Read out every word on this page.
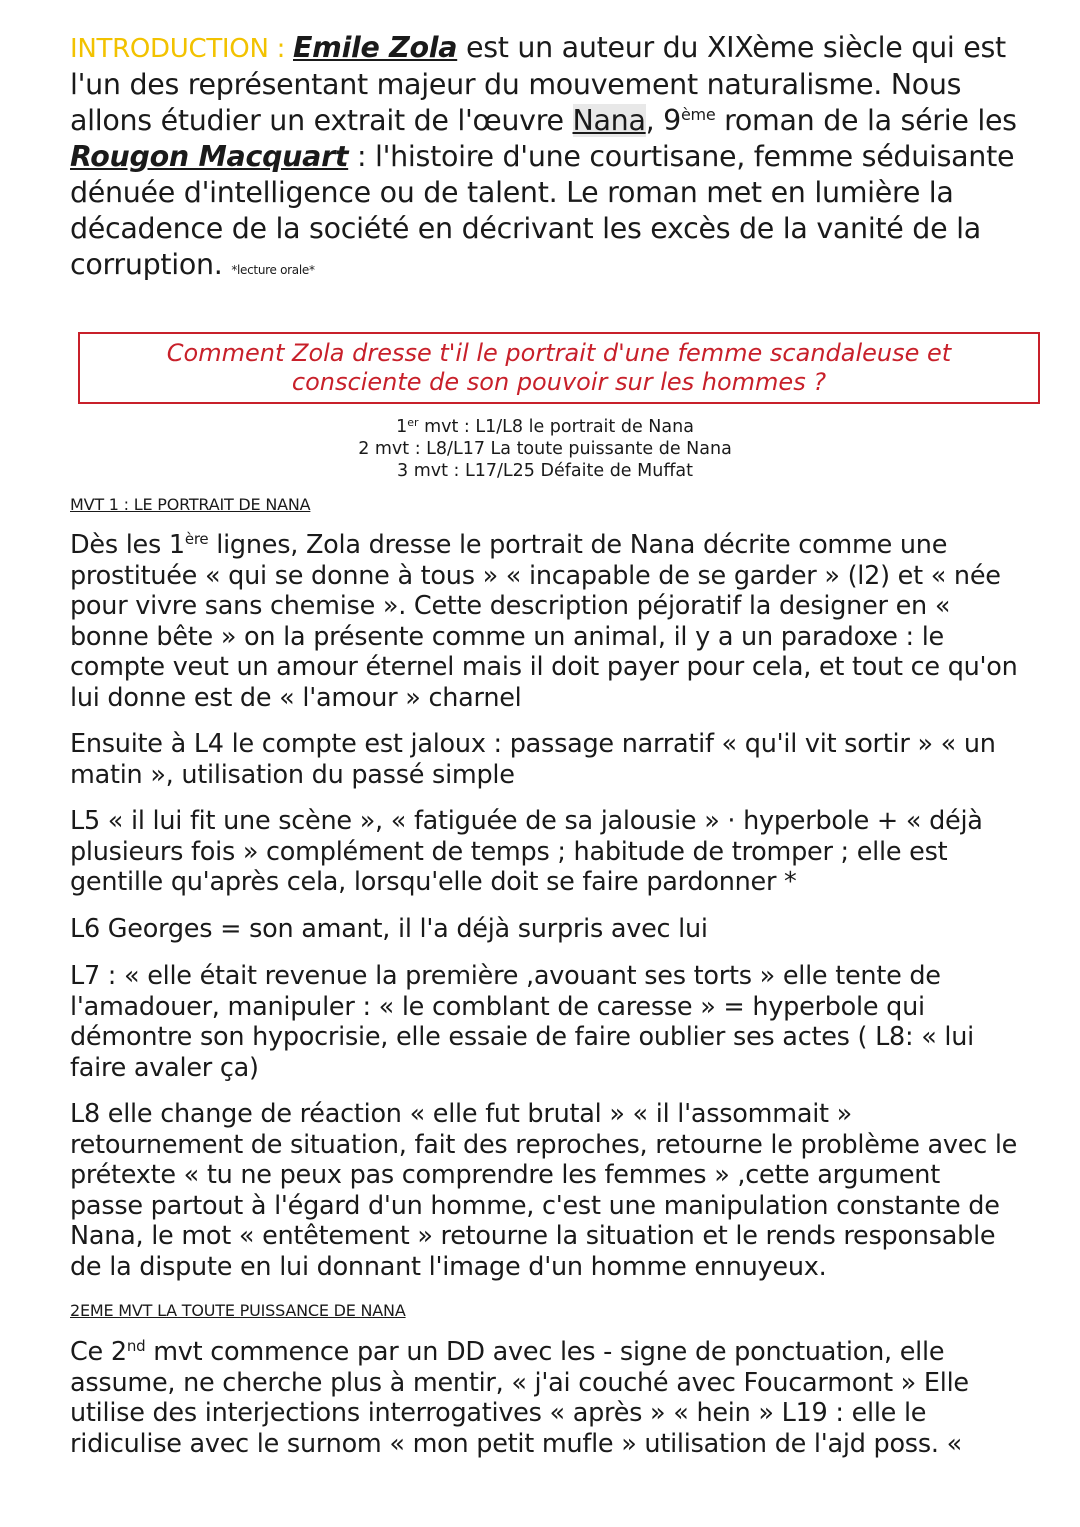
INTRODUCTION : Emile Zola est un auteur du XIXème siècle qui est l'un des représentant majeur du mouvement naturalisme. Nous allons étudier un extrait de l'œuvre Nana, 9ème roman de la série les Rougon Macquart : l'histoire d'une courtisane, femme séduisante dénuée d'intelligence ou de talent. Le roman met en lumière la décadence de la société en décrivant les excès de la vanité de la corruption. *lecture orale*

Comment Zola dresse t'il le portrait d'une femme scandaleuse et
consciente de son pouvoir sur les hommes ?

1er mvt : L1/L8 le portrait de Nana
2 mvt : L8/L17 La toute puissante de Nana
3 mvt : L17/L25 Défaite de Muffat
MVT 1 : LE PORTRAIT DE NANA

Dès les 1ère lignes, Zola dresse le portrait de Nana décrite comme une prostituée « qui se donne à tous » « incapable de se garder » (l2) et « née pour vivre sans chemise ». Cette description péjoratif la designer en « bonne bête » on la présente comme un animal, il y a un paradoxe : le compte veut un amour éternel mais il doit payer pour cela, et tout ce qu'on lui donne est de « l'amour » charnel

Ensuite à L4 le compte est jaloux : passage narratif « qu'il vit sortir » « un matin », utilisation du passé simple

L5 « il lui fit une scène », « fatiguée de sa jalousie » · hyperbole + « déjà plusieurs fois » complément de temps ; habitude de tromper ; elle est gentille qu'après cela, lorsqu'elle doit se faire pardonner *

L6 Georges = son amant, il l'a déjà surpris avec lui

L7 : « elle était revenue la première ,avouant ses torts » elle tente de l'amadouer, manipuler : « le comblant de caresse » = hyperbole qui démontre son hypocrisie, elle essaie de faire oublier ses actes ( L8: « lui faire avaler ça)

L8 elle change de réaction « elle fut brutal » « il l'assommait » retournement de situation, fait des reproches, retourne le problème avec le prétexte « tu ne peux pas comprendre les femmes » ,cette argument passe partout à l'égard d'un homme, c'est une manipulation constante de Nana, le mot « entêtement » retourne la situation et le rends responsable de la dispute en lui donnant l'image d'un homme ennuyeux.

2EME MVT LA TOUTE PUISSANCE DE NANA

Ce 2nd mvt commence par un DD avec les - signe de ponctuation, elle assume, ne cherche plus à mentir, « j'ai couché avec Foucarmont » Elle utilise des interjections interrogatives « après » « hein » L19 : elle le ridiculise avec le surnom « mon petit mufle » utilisation de l'ajd poss. «
